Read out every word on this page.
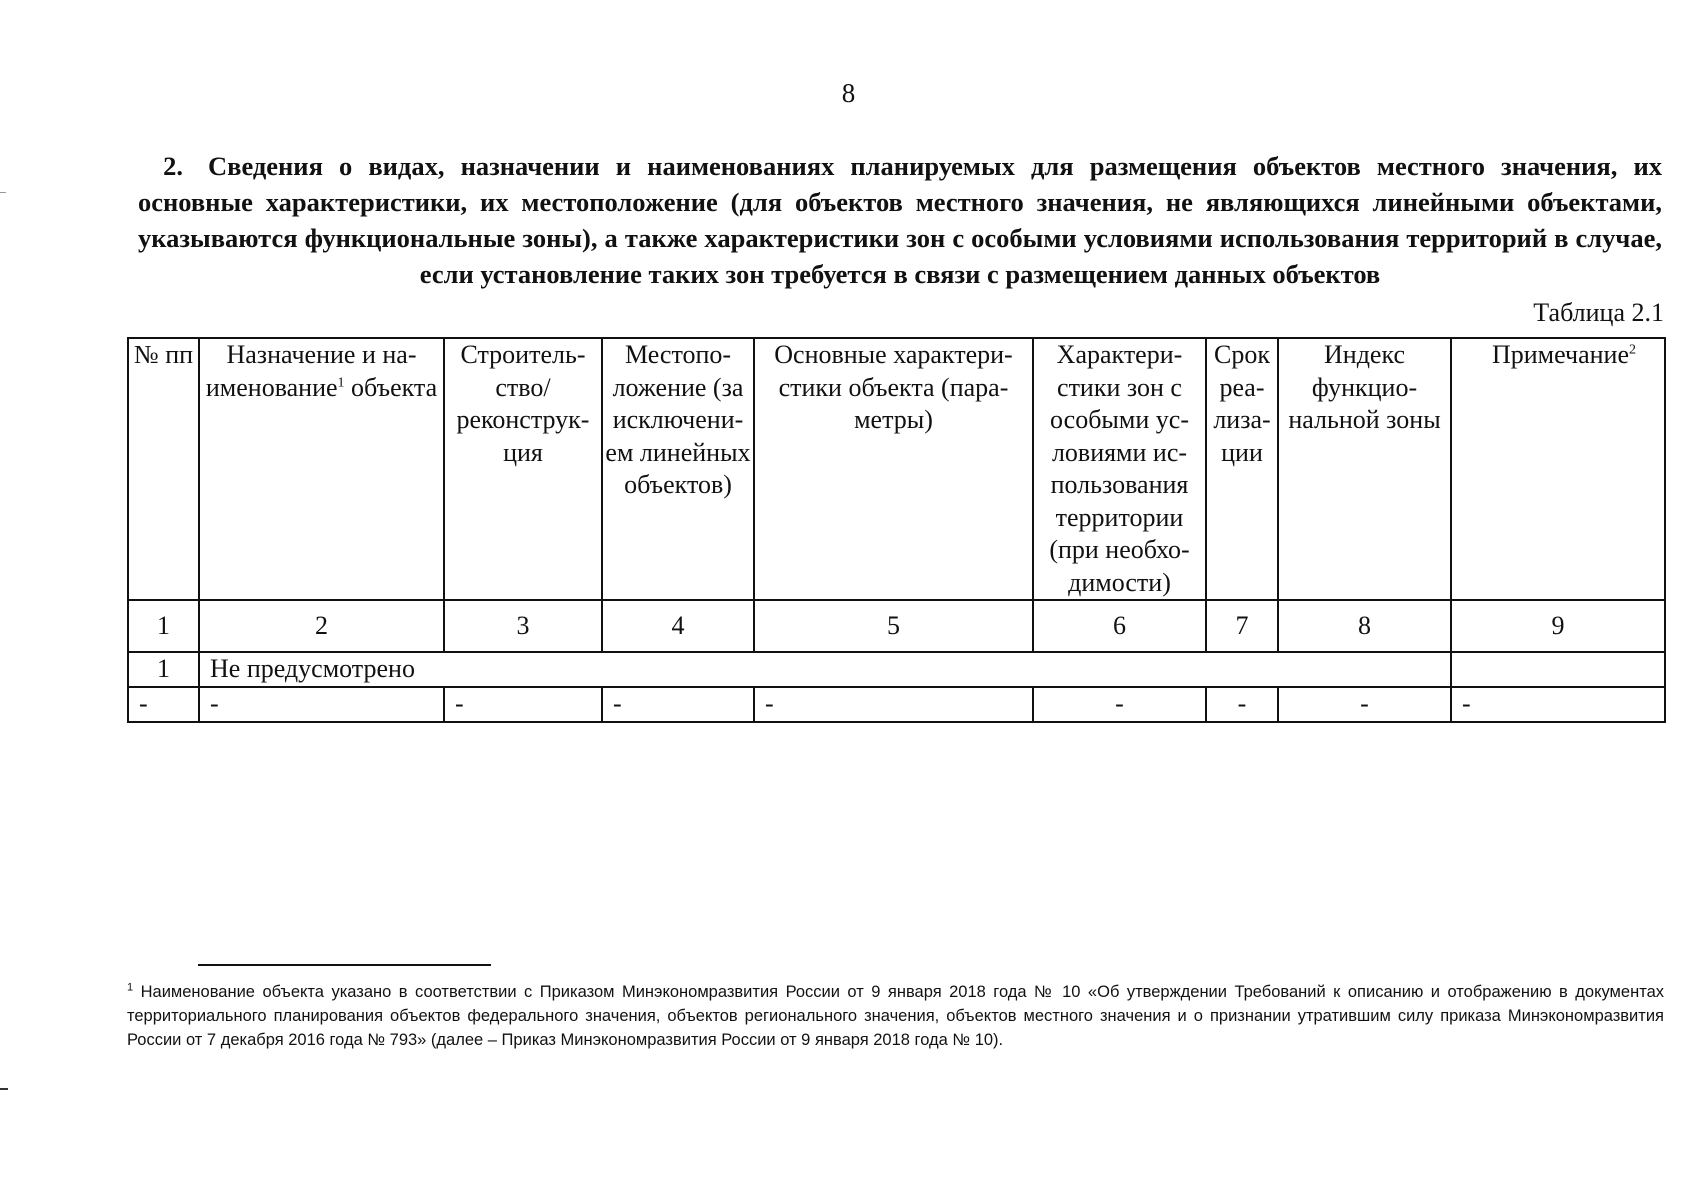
8
2. Сведения о видах, назначении и наименованиях планируемых для размещения объектов местного значения, их основные характеристики, их местоположение (для объектов местного значения, не являющихся линейными объектами, указываются функциональные зоны), а также характеристики зон с особыми условиями использования территорий в случае, если установление таких зон требуется в связи с размещением данных объектов
Таблица 2.1
№ пп	Назначение и наименование$^1$ объекта	Строительство/ реконструкция	Местоположение (за исключением линейных объектов)	Основные характеристики объекта (параметры)	Характеристики зон с особыми условиями использования территории (при необходимости)	Срок реализации	Индекс функциональной зоны	Примечание$^2$
1	2	3	4	5	6	7	8	9
1	Не предусмотрено							
-	-	-	-	-	-	-	-	-
$^1$ Наименование объекта указано в соответствии с Приказом Минэкономразвития России от 9 января 2018 года № 10 «Об утверждении Требований к описанию и отображению в документах территориального планирования объектов федерального значения, объектов регионального значения, объектов местного значения и о признании утратившим силу приказа Минэкономразвития России от 7 декабря 2016 года № 793» (далее – Приказ Минэкономразвития России от 9 января 2018 года № 10).
